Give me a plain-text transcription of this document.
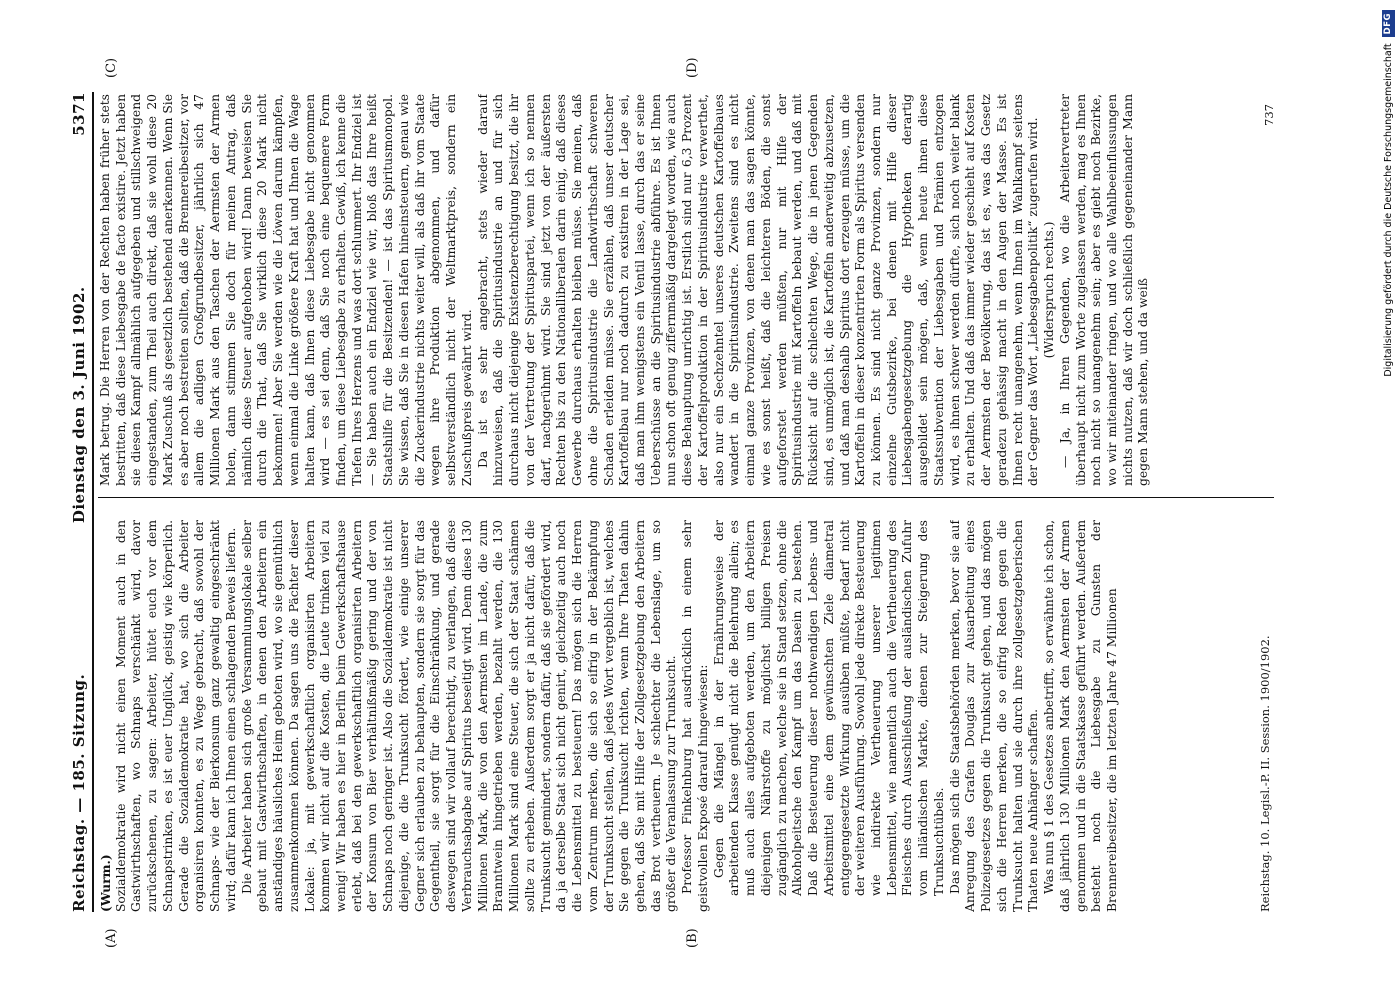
Reichstag. — 185. Sitzung.
Dienstag den 3. Juni 1902.
5371
(A)	(B)
(C)	(D)

(Wurm.) Sozialdemokratie wird nicht einen Moment auch in den Gastwirthschaften, wo Schnaps verschänkt wird, davor zurückschenen, zu sagen: Arbeiter, hütet euch vor dem Schnapstrinken, es ist euer Unglück, geistig wie körperlich. Gerade die Sozialdemokratie hat, wo sich die Arbeiter organisiren konnten, es zu Wege gebracht, daß sowohl der Schnaps- wie der Bierkonsum ganz gewaltig eingeschränkt wird; dafür kann ich Ihnen einen schlagenden Beweis liefern. Die Arbeiter haben sich große Versammlungslokale selber gebaut mit Gastwirthschaften, in denen den Arbeitern ein anständiges häusliches Heim geboten wird, wo sie gemüthlich zusammenkommen können. Da sagen uns die Pächter dieser Lokale: ja, mit gewerkschaftlich organisirten Arbeitern kommen wir nicht auf die Kosten, die Leute trinken viel zu wenig! Wir haben es hier in Berlin beim Gewerkschaftshause erlebt, daß bei den gewerkschaftlich organisirten Arbeitern der Konsum von Bier verhältnißmäßig gering und der von Schnaps noch geringer ist. Also die Sozialdemokratie ist nicht diejenige, die die Trunksucht fördert, wie einige unserer Gegner sich erlauben zu behaupten, sondern sie sorgt für das Gegentheil, sie sorgt für die Einschränkung, und gerade deswegen sind wir vollauf berechtigt, zu verlangen, daß diese Verbrauchsabgabe auf Spiritus beseitigt wird. Denn diese 130 Millionen Mark, die von den Aermsten im Lande, die zum Branntwein hingetrieben werden, bezahlt werden, die 130 Millionen Mark sind eine Steuer, die sich der Staat schämen sollte zu erheben. Außerdem sorgt er ja nicht dafür, daß die Trunksucht gemindert, sondern dafür, daß sie gefördert wird, da ja derselbe Staat sich nicht genirt, gleichzeitig auch noch die Lebensmittel zu besteuern! Das mögen sich die Herren vom Zentrum merken, die sich so eifrig in der Bekämpfung der Trunksucht stellen, daß jedes Wort vergeblich ist, welches Sie gegen die Trunksucht richten, wenn Ihre Thaten dahin gehen, daß Sie mit Hilfe der Zollgesetzgebung den Arbeitern das Brot vertheuern. Je schlechter die Lebenslage, um so größer die Veranlassung zur Trunksucht. Professor Finkelnburg hat ausdrücklich in einem sehr geistvollen Exposé darauf hingewiesen: Gegen die Mängel in der Ernährungsweise der arbeitenden Klasse genügt nicht die Belehrung allein; es muß auch alles aufgeboten werden, um den Arbeitern diejenigen Nährstoffe zu möglichst billigen Preisen zugänglich zu machen, welche sie in Stand setzen, ohne die Alkoholpeitsche den Kampf um das Dasein zu bestehen. Daß die Besteuerung dieser nothwendigen Lebens- und Arbeitsmittel eine dem gewünschten Ziele diametral entgegengesetzte Wirkung ausüben müßte, bedarf nicht der weiteren Ausführung. Sowohl jede direkte Besteuerung wie indirekte Vertheuerung unserer legitimen Lebensmittel, wie namentlich auch die Vertheuerung des Fleisches durch Ausschließung der ausländischen Zufuhr vom inländischen Markte, dienen zur Steigerung des Trunksuchtübels. Das mögen sich die Staatsbehörden merken, bevor sie auf Anregung des Grafen Douglas zur Ausarbeitung eines Polizeigesetzes gegen die Trunksucht gehen, und das mögen sich die Herren merken, die so eifrig Reden gegen die Trunksucht halten und sie durch ihre zollgesetzgeberischen Thaten neue Anhänger schaffen. Was nun § 1 des Gesetzes anbetrifft, so erwähnte ich schon, daß jährlich 130 Millionen Mark den Aermsten der Armen genommen und in die Staatskasse geführt werden. Außerdem besteht noch die Liebesgabe zu Gunsten der Brennereibesitzer, die im letzten Jahre 47 Millionen

Mark betrug. Die Herren von der Rechten haben früher stets bestritten, daß diese Liebesgabe de facto existire. Jetzt haben sie diesen Kampf allmählich aufgegeben und stillschweigend eingestanden, zum Theil auch direkt, daß sie wohl diese 20 Mark Zuschuß als gesetzlich bestehend anerkennen. Wenn Sie es aber noch bestreiten sollten, daß die Brennereibesitzer, vor allem die adligen Großgrundbesitzer, jährlich sich 47 Millionen Mark aus den Taschen der Aermsten der Armen holen, dann stimmen Sie doch für meinen Antrag, daß nämlich diese Steuer aufgehoben wird! Dann beweisen Sie durch die That, daß Sie wirklich diese 20 Mark nicht bekommen! Aber Sie werden wie die Löwen darum kämpfen, wenn einmal die Linke größere Kraft hat und Ihnen die Wage halten kann, daß Ihnen diese Liebesgabe nicht genommen wird — es sei denn, daß Sie noch eine bequemere Form finden, um diese Liebesgabe zu erhalten. Gewiß, ich kenne die Tiefen Ihres Herzens und was dort schlummert. Ihr Endziel ist — Sie haben auch ein Endziel wie wir, bloß das Ihre heißt Staatshilfe für die Besitzenden! — ist das Spiritusmonopol. Sie wissen, daß Sie in diesen Hafen hineinsteuern, genau wie die Zuckerindustrie nichts weiter will, als daß ihr vom Staate wegen ihre Produktion abgenommen, und dafür selbstverständlich nicht der Weltmarktpreis, sondern ein Zuschußpreis gewährt wird. Da ist es sehr angebracht, stets wieder darauf hinzuweisen, daß die Spiritusindustrie an und für sich durchaus nicht diejenige Existenzberechtigung besitzt, die ihr von der Vertretung der Spirituspartei, wenn ich so nennen darf, nachgerühmt wird. Sie sind jetzt von der äußersten Rechten bis zu den Nationalliberalen darin einig, daß dieses Gewerbe durchaus erhalten bleiben müsse. Sie meinen, daß ohne die Spiritusindustrie die Landwirthschaft schweren Schaden erleiden müsse. Sie erzählen, daß unser deutscher Kartoffelbau nur noch dadurch zu existiren in der Lage sei, daß man ihm wenigstens ein Ventil lasse, durch das er seine Ueberschüsse an die Spiritusindustrie abführe. Es ist Ihnen nun schon oft genug ziffernmäßig dargelegt worden, wie auch diese Behauptung unrichtig ist. Erstlich sind nur 6,3 Prozent der Kartoffelproduktion in der Spiritusindustrie verwerthet, also nur ein Sechzehntel unseres deutschen Kartoffelbaues wandert in die Spiritusindustrie. Zweitens sind es nicht einmal ganze Provinzen, von denen man das sagen könnte, wie es sonst heißt, daß die leichteren Böden, die sonst aufgeforstet werden müßten, nur mit Hilfe der Spiritusindustrie mit Kartoffeln bebaut werden, und daß mit Rücksicht auf die schlechten Wege, die in jenen Gegenden sind, es unmöglich ist, die Kartoffeln anderweitig abzusetzen, und daß man deshalb Spiritus dort erzeugen müsse, um die Kartoffeln in dieser konzentrirten Form als Spiritus versenden zu können. Es sind nicht ganze Provinzen, sondern nur einzelne Gutsbezirke, bei denen mit Hilfe dieser Liebesgabengesetzgebung die Hypotheken derartig ausgebildet sein mögen, daß, wenn heute ihnen diese Staatssubvention der Liebesgaben und Prämien entzogen wird, es ihnen schwer werden dürfte, sich noch weiter blank zu erhalten. Und daß das immer wieder geschieht auf Kosten der Aermsten der Bevölkerung, das ist es, was das Gesetz geradezu gehässig macht in den Augen der Masse. Es ist Ihnen recht unangenehm, wenn Ihnen im Wahlkampf seitens der Gegner das Wort „Liebesgabenpolitik“ zugerufen wird. (Widerspruch rechts.) — Ja, in Ihren Gegenden, wo die Arbeitervertreter überhaupt nicht zum Worte zugelassen werden, mag es Ihnen noch nicht so unangenehm sein; aber es giebt noch Bezirke, wo wir miteinander ringen, und wo alle Wahlbeeinflussungen nichts nutzen, daß wir doch schließlich gegeneinander Mann gegen Mann stehen, und da weiß

Reichstag. 10. Legisl.-P. II. Session. 1900/1902.
737	Digitalisierung gefördert durch die Deutsche Forschungsgemeinschaft
DFG
